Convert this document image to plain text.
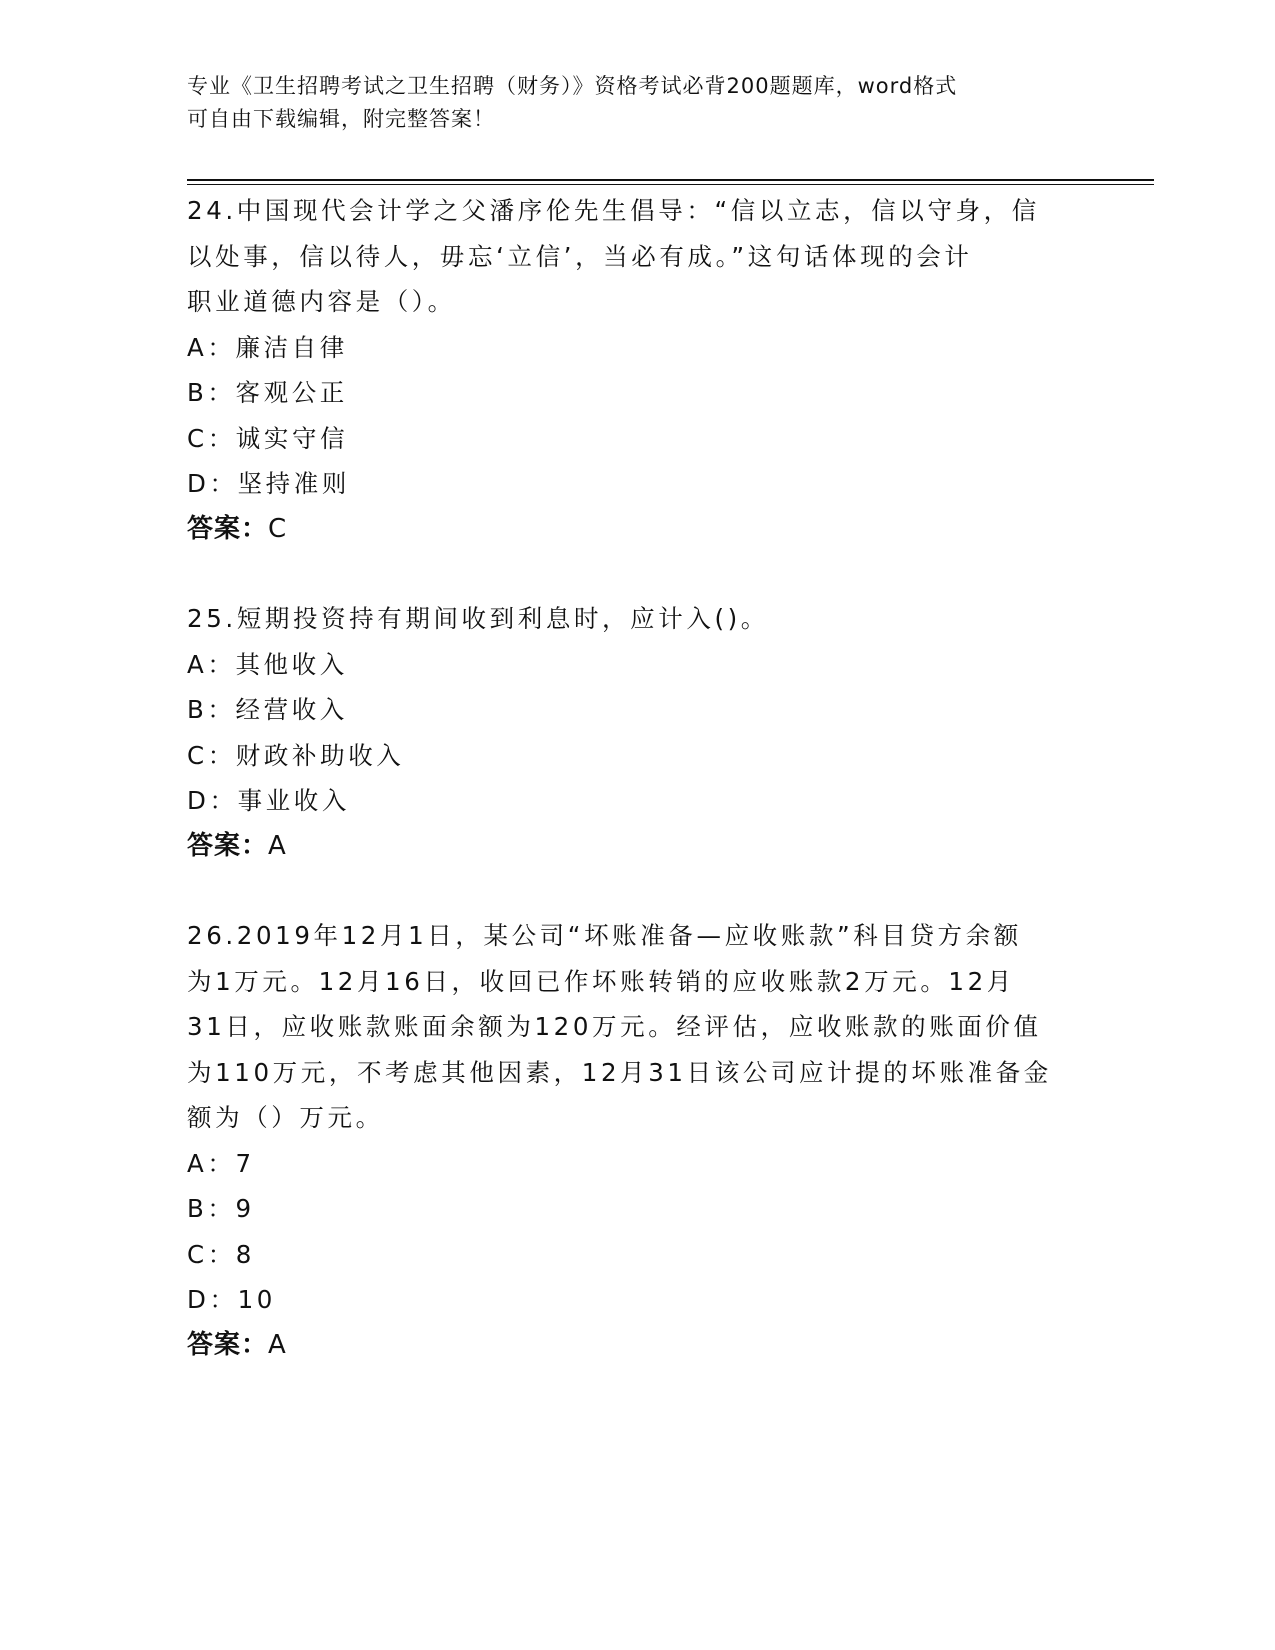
专业《卫生招聘考试之卫生招聘（财务）》资格考试必背200题题库，word格式
可自由下载编辑，附完整答案！
24.中国现代会计学之父潘序伦先生倡导：“信以立志，信以守身，信
以处事，信以待人，毋忘‘立信’，当必有成。”这句话体现的会计
职业道德内容是（）。
A：廉洁自律
B：客观公正
C：诚实守信
D：坚持准则
答案：C
25.短期投资持有期间收到利息时，应计入()。
A：其他收入
B：经营收入
C：财政补助收入
D：事业收入
答案：A
26.2019年12月1日，某公司“坏账准备—应收账款”科目贷方余额
为1万元。12月16日，收回已作坏账转销的应收账款2万元。12月
31日，应收账款账面余额为120万元。经评估，应收账款的账面价值
为110万元，不考虑其他因素，12月31日该公司应计提的坏账准备金
额为（）万元。
A：7
B：9
C：8
D：10
答案：A
